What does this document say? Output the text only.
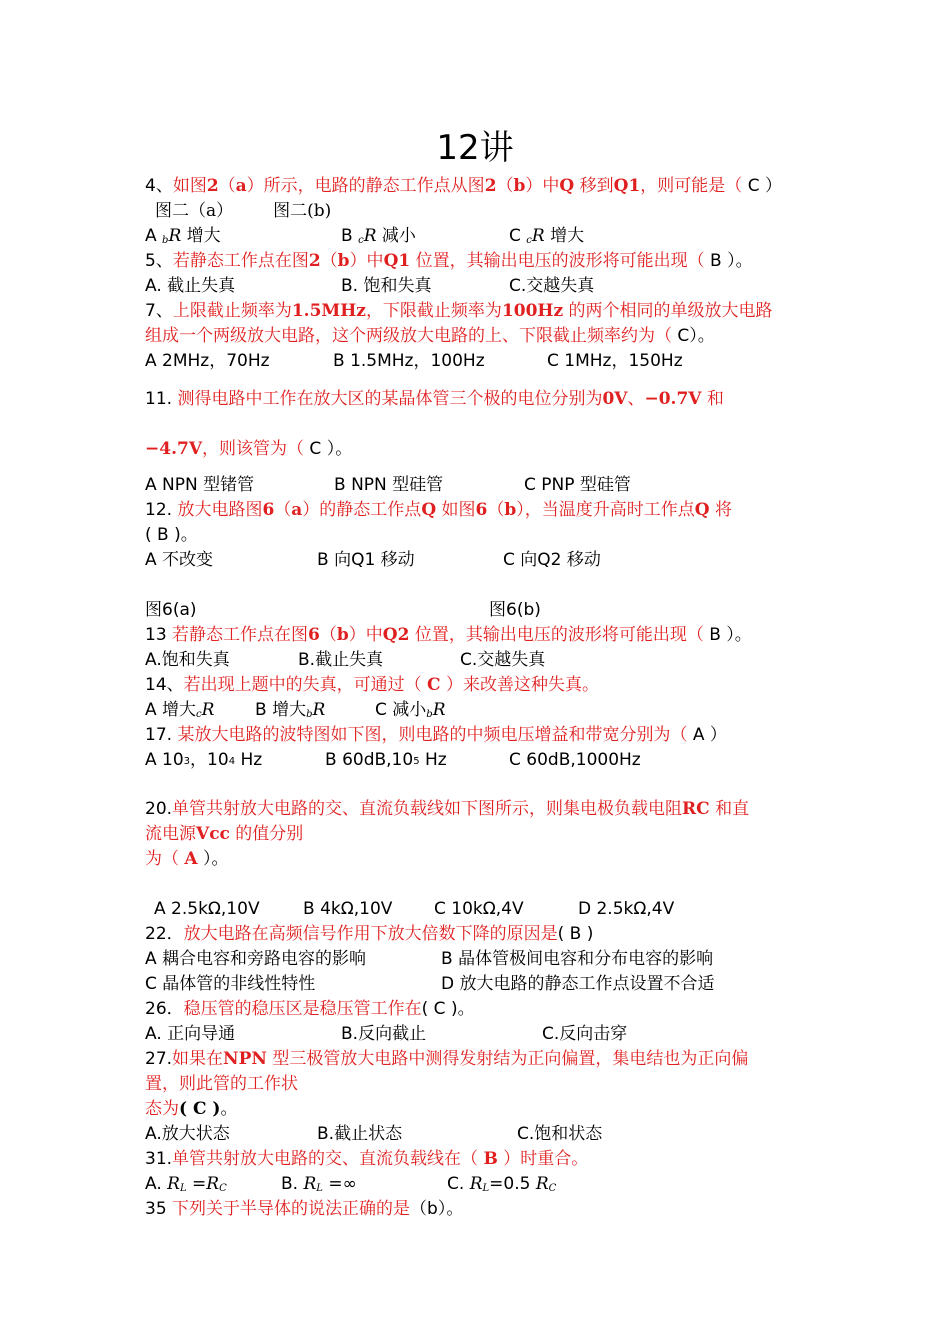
12讲
4、如图2（a）所示，电路的静态工作点从图2（b）中Q 移到Q1，则可能是（ C ）
图二（a） 图二(b)
A $_b$R 增大	B $_c$R 减小	C $_c$R 增大
5、若静态工作点在图2（b）中Q1 位置，其输出电压的波形将可能出现（ B ）。
A. 截止失真	B. 饱和失真	C.交越失真
7、上限截止频率为1.5MHz，下限截止频率为100Hz 的两个相同的单级放大电路
组成一个两级放大电路，这个两级放大电路的上、下限截止频率约为（ C）。
A 2MHz，70Hz	B 1.5MHz，100Hz	C 1MHz，150Hz
11. 测得电路中工作在放大区的某晶体管三个极的电位分别为0V、−0.7V 和
−4.7V，则该管为（ C ）。
A NPN 型锗管	B NPN 型硅管	C PNP 型硅管
12. 放大电路图6（a）的静态工作点Q 如图6（b），当温度升高时工作点Q 将
( B )。
A 不改变	B 向Q1 移动	C 向Q2 移动
图6(a)	图6(b)
13 若静态工作点在图6（b）中Q2 位置，其输出电压的波形将可能出现（ B ）。
A.饱和失真	B.截止失真	C.交越失真
14、若出现上题中的失真，可通过（ C ）来改善这种失真。
A 增大$_c$R B 增大$_b$R	C 减小$_b$R
17. 某放大电路的波特图如下图，则电路的中频电压增益和带宽分别为（ A ）
A 103，104 Hz	B 60dB,105 Hz	C 60dB,1000Hz
20.单管共射放大电路的交、直流负载线如下图所示，则集电极负载电阻RC 和直
流电源Vcc 的值分别
为（ A ）。
A 2.5kΩ,10V	B 4kΩ,10V C 10kΩ,4V	D 2.5kΩ,4V
22．放大电路在高频信号作用下放大倍数下降的原因是( B )
A 耦合电容和旁路电容的影响	B 晶体管极间电容和分布电容的影响
C 晶体管的非线性特性	D 放大电路的静态工作点设置不合适
26．稳压管的稳压区是稳压管工作在( C )。
A. 正向导通	B.反向截止	C.反向击穿
27.如果在NPN 型三极管放大电路中测得发射结为正向偏置，集电结也为正向偏
置，则此管的工作状
态为( C )。
A.放大状态	B.截止状态	C.饱和状态
31.单管共射放大电路的交、直流负载线在（ B ）时重合。
A. $R_L =R_C$	B. $R_L$ =∞	C. $R_L=0.5$ $R_C$
35 下列关于半导体的说法正确的是（b）。
